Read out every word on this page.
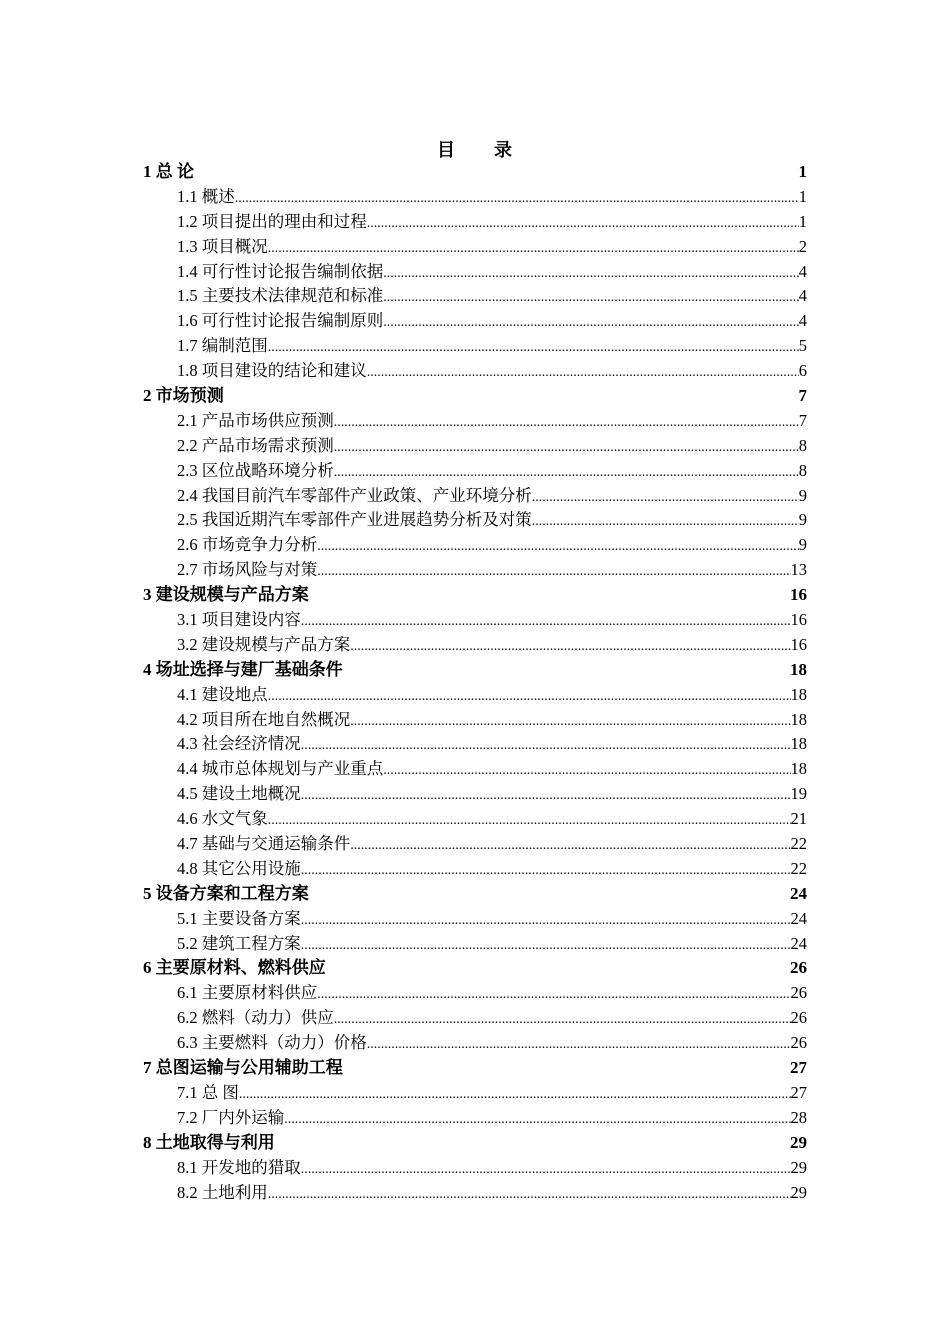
目　　录
1 总 论	1
1.1 概述 .....	1
1.2 项目提出的理由和过程 .....	1
1.3 项目概况 .....	2
1.4 可行性讨论报告编制依据 .....	4
1.5 主要技术法律规范和标准 .....	4
1.6 可行性讨论报告编制原则 .....	4
1.7 编制范围 .....	5
1.8 项目建设的结论和建议 .....	6
2 市场预测	7
2.1 产品市场供应预测 .....	7
2.2 产品市场需求预测 .....	8
2.3 区位战略环境分析 .....	8
2.4 我国目前汽车零部件产业政策、产业环境分析 .....	9
2.5 我国近期汽车零部件产业进展趋势分析及对策 .....	9
2.6 市场竞争力分析 .....	9
2.7 市场风险与对策 .....	13
3 建设规模与产品方案	16
3.1 项目建设内容 .....	16
3.2 建设规模与产品方案 .....	16
4 场址选择与建厂基础条件	18
4.1 建设地点 .....	18
4.2 项目所在地自然概况 .....	18
4.3 社会经济情况 .....	18
4.4 城市总体规划与产业重点 .....	18
4.5 建设土地概况 .....	19
4.6 水文气象 .....	21
4.7 基础与交通运输条件 .....	22
4.8 其它公用设施 .....	22
5 设备方案和工程方案	24
5.1 主要设备方案 .....	24
5.2 建筑工程方案 .....	24
6 主要原材料、燃料供应	26
6.1 主要原材料供应 .....	26
6.2 燃料（动力）供应 .....	26
6.3 主要燃料（动力）价格 .....	26
7 总图运输与公用辅助工程	27
7.1 总 图 .....	27
7.2 厂内外运输 .....	28
8 土地取得与利用	29
8.1 开发地的猎取 .....	29
8.2 土地利用 .....	29
